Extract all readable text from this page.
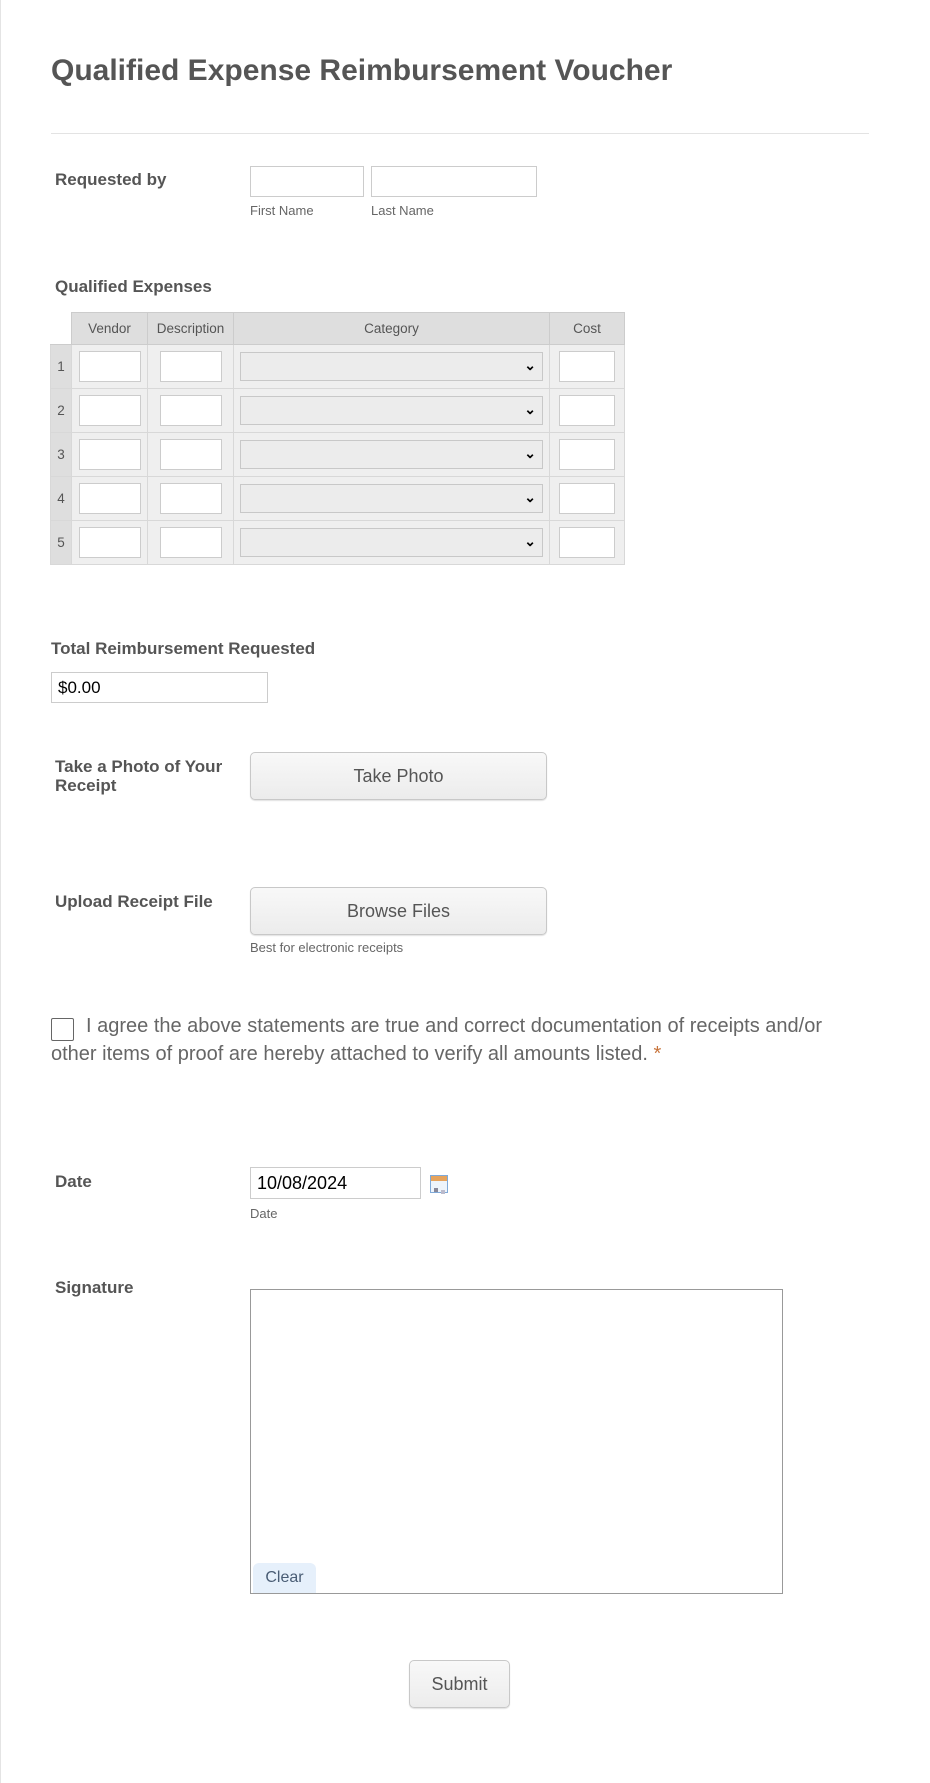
Qualified Expense Reimbursement Voucher
Requested by
First Name	Last Name
Qualified Expenses
	Vendor	Description	Category	Cost
1			⌄

2			⌄

3			⌄

4			⌄

5			⌄

Total Reimbursement Requested
$0.00
Take a Photo of Your Receipt	Take Photo
Upload Receipt File	Browse Files
Best for electronic receipts
I agree the above statements are true and correct documentation of receipts and/or other items of proof are hereby attached to verify all amounts listed. *
Date
10/08/2024
Date
Signature
Clear
Submit
